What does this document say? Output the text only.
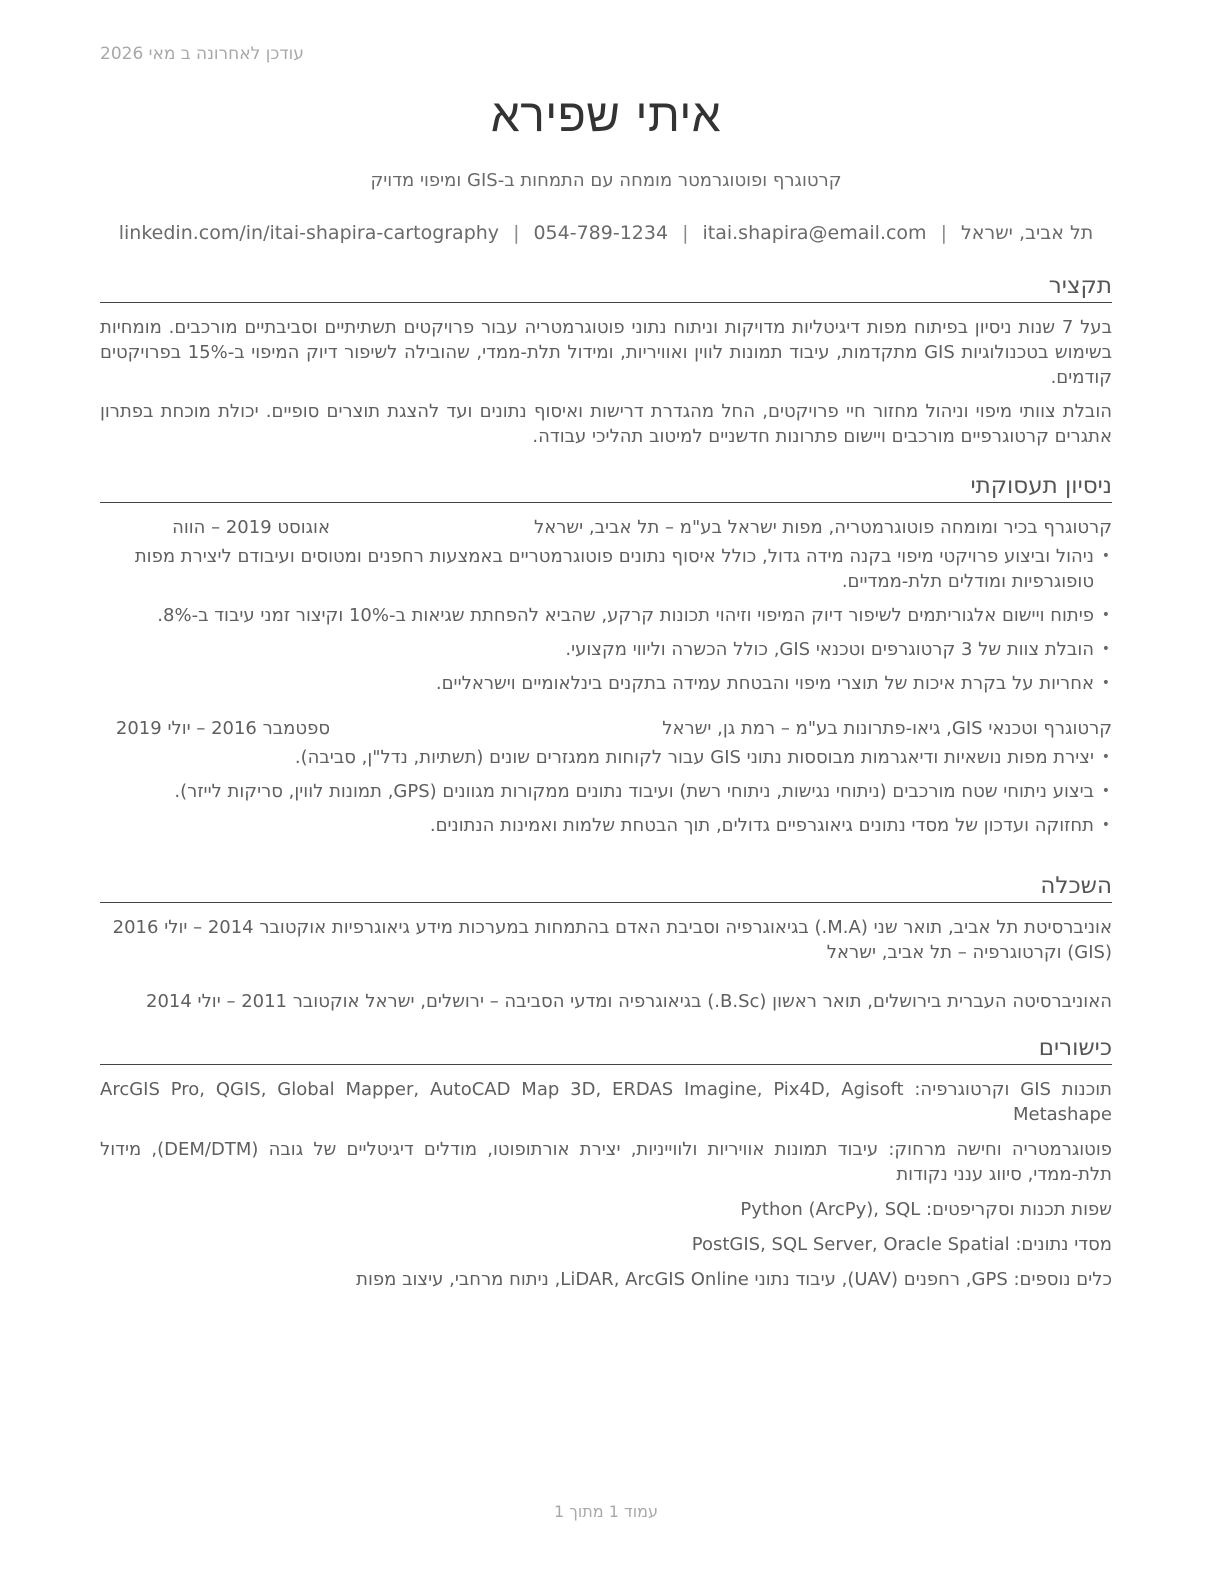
עודכן לאחרונה ב מאי 2026
איתי שפירא
קרטוגרף ופוטוגרמטר מומחה עם התמחות ב-GIS ומיפוי מדויק
תל אביב, ישראל|itai.shapira@email.com|054-789-1234|linkedin.com/in/itai-shapira-cartography
תקציר

בעל 7 שנות ניסיון בפיתוח מפות דיגיטליות מדויקות וניתוח נתוני פוטוגרמטריה עבור פרויקטים תשתיתיים וסביבתיים מורכבים. מומחיות בשימוש בטכנולוגיות GIS מתקדמות, עיבוד תמונות לווין ואוויריות, ומידול תלת-ממדי, שהובילה לשיפור דיוק המיפוי ב-15% בפרויקטים קודמים.

הובלת צוותי מיפוי וניהול מחזור חיי פרויקטים, החל מהגדרת דרישות ואיסוף נתונים ועד להצגת תוצרים סופיים. יכולת מוכחת בפתרון אתגרים קרטוגרפיים מורכבים ויישום פתרונות חדשניים למיטוב תהליכי עבודה.

ניסיון תעסוקתי
קרטוגרף בכיר ומומחה פוטוגרמטריה, מפות ישראל בע"מ – תל אביב, ישראל
אוגוסט 2019 – הווה
• ניהול וביצוע פרויקטי מיפוי בקנה מידה גדול, כולל איסוף נתונים פוטוגרמטריים באמצעות רחפנים ומטוסים ועיבודם ליצירת מפות טופוגרפיות ומודלים תלת-ממדיים.
• פיתוח ויישום אלגוריתמים לשיפור דיוק המיפוי וזיהוי תכונות קרקע, שהביא להפחתת שגיאות ב-10% וקיצור זמני עיבוד ב-8%.
• הובלת צוות של 3 קרטוגרפים וטכנאי GIS, כולל הכשרה וליווי מקצועי.
• אחריות על בקרת איכות של תוצרי מיפוי והבטחת עמידה בתקנים בינלאומיים וישראליים.
קרטוגרף וטכנאי GIS, גיאו-פתרונות בע"מ – רמת גן, ישראל
ספטמבר 2016 – יולי 2019
• יצירת מפות נושאיות ודיאגרמות מבוססות נתוני GIS עבור לקוחות ממגזרים שונים (תשתיות, נדל"ן, סביבה).
• ביצוע ניתוחי שטח מורכבים (ניתוחי נגישות, ניתוחי רשת) ועיבוד נתונים ממקורות מגוונים (GPS, תמונות לווין, סריקות לייזר).
• תחזוקה ועדכון של מסדי נתונים גיאוגרפיים גדולים, תוך הבטחת שלמות ואמינות הנתונים.
השכלה
אוניברסיטת תל אביב, תואר שני (M.A.) בגיאוגרפיה וסביבת האדם בהתמחות במערכות מידע גיאוגרפיות אוקטובר 2014 – יולי 2016 (GIS) וקרטוגרפיה – תל אביב, ישראל
האוניברסיטה העברית בירושלים, תואר ראשון (B.Sc.) בגיאוגרפיה ומדעי הסביבה – ירושלים, ישראל אוקטובר 2011 – יולי 2014
כישורים
תוכנות GIS וקרטוגרפיה: ArcGIS Pro, QGIS, Global Mapper, AutoCAD Map 3D, ERDAS Imagine, Pix4D, Agisoft Metashape
פוטוגרמטריה וחישה מרחוק: עיבוד תמונות אוויריות ולווייניות, יצירת אורתופוטו, מודלים דיגיטליים של גובה (DEM/DTM), מידול תלת-ממדי, סיווג ענני נקודות
שפות תכנות וסקריפטים: Python (ArcPy), SQL
מסדי נתונים: PostGIS, SQL Server, Oracle Spatial
כלים נוספים: GPS, רחפנים (UAV), עיבוד נתוני LiDAR, ArcGIS Online, ניתוח מרחבי, עיצוב מפות
עמוד 1 מתוך 1
